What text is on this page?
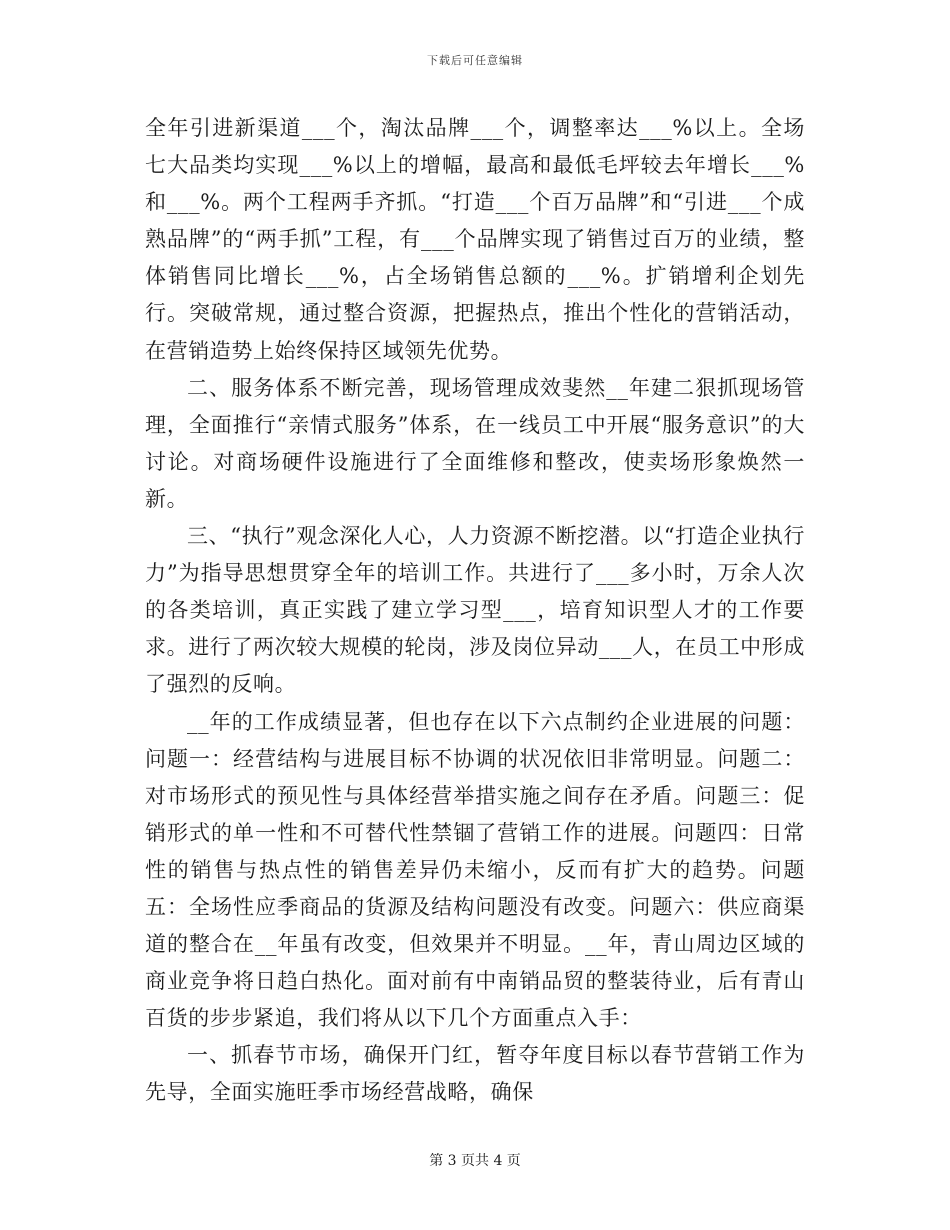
下载后可任意编辑

全年引进新渠道___个，淘汰品牌___个，调整率达___%以上。全场七大品类均实现___%以上的增幅，最高和最低毛坪较去年增长___%和___%。两个工程两手齐抓。“打造___个百万品牌”和“引进___个成熟品牌”的“两手抓”工程，有___个品牌实现了销售过百万的业绩，整体销售同比增长___%，占全场销售总额的___%。扩销增利企划先行。突破常规，通过整合资源，把握热点，推出个性化的营销活动，在营销造势上始终保持区域领先优势。

二、服务体系不断完善，现场管理成效斐然__年建二狠抓现场管理，全面推行“亲情式服务”体系，在一线员工中开展“服务意识”的大讨论。对商场硬件设施进行了全面维修和整改，使卖场形象焕然一新。

三、“执行”观念深化人心，人力资源不断挖潜。以“打造企业执行力”为指导思想贯穿全年的培训工作。共进行了___多小时，万余人次的各类培训，真正实践了建立学习型___，培育知识型人才的工作要求。进行了两次较大规模的轮岗，涉及岗位异动___人，在员工中形成了强烈的反响。

__年的工作成绩显著，但也存在以下六点制约企业进展的问题：问题一：经营结构与进展目标不协调的状况依旧非常明显。问题二：对市场形式的预见性与具体经营举措实施之间存在矛盾。问题三：促销形式的单一性和不可替代性禁锢了营销工作的进展。问题四：日常性的销售与热点性的销售差异仍未缩小，反而有扩大的趋势。问题五：全场性应季商品的货源及结构问题没有改变。问题六：供应商渠道的整合在__年虽有改变，但效果并不明显。__年，青山周边区域的商业竞争将日趋白热化。面对前有中南销品贸的整装待业，后有青山百货的步步紧追，我们将从以下几个方面重点入手：

一、抓春节市场，确保开门红，暂夺年度目标以春节营销工作为先导，全面实施旺季市场经营战略，确保

第 3 页共 4 页
